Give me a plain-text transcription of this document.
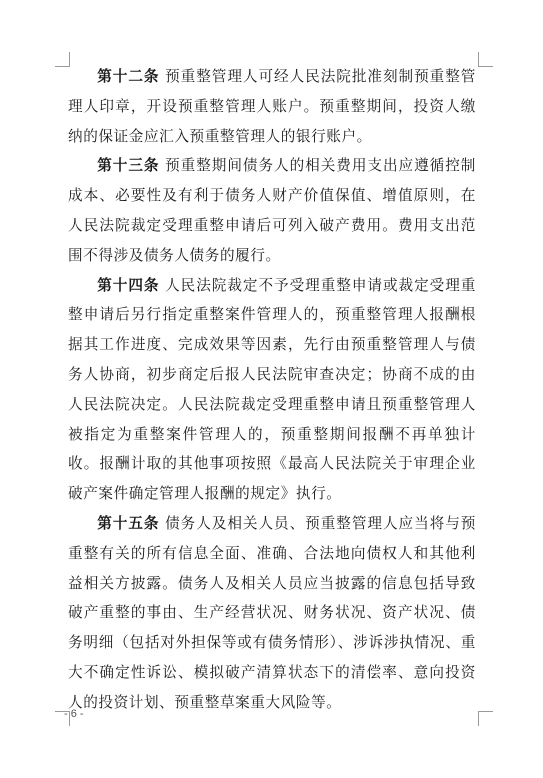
第十二条 预重整管理人可经人民法院批准刻制预重整管理人印章，开设预重整管理人账户。预重整期间，投资人缴纳的保证金应汇入预重整管理人的银行账户。

第十三条 预重整期间债务人的相关费用支出应遵循控制成本、必要性及有利于债务人财产价值保值、增值原则，在人民法院裁定受理重整申请后可列入破产费用。费用支出范围不得涉及债务人债务的履行。

第十四条 人民法院裁定不予受理重整申请或裁定受理重整申请后另行指定重整案件管理人的，预重整管理人报酬根据其工作进度、完成效果等因素，先行由预重整管理人与债务人协商，初步商定后报人民法院审查决定；协商不成的由人民法院决定。人民法院裁定受理重整申请且预重整管理人被指定为重整案件管理人的，预重整期间报酬不再单独计收。报酬计取的其他事项按照《最高人民法院关于审理企业破产案件确定管理人报酬的规定》执行。

第十五条 债务人及相关人员、预重整管理人应当将与预重整有关的所有信息全面、准确、合法地向债权人和其他利益相关方披露。债务人及相关人员应当披露的信息包括导致破产重整的事由、生产经营状况、财务状况、资产状况、债务明细（包括对外担保等或有债务情形）、涉诉涉执情况、重大不确定性诉讼、模拟破产清算状态下的清偿率、意向投资人的投资计划、预重整草案重大风险等。

- 6 -
